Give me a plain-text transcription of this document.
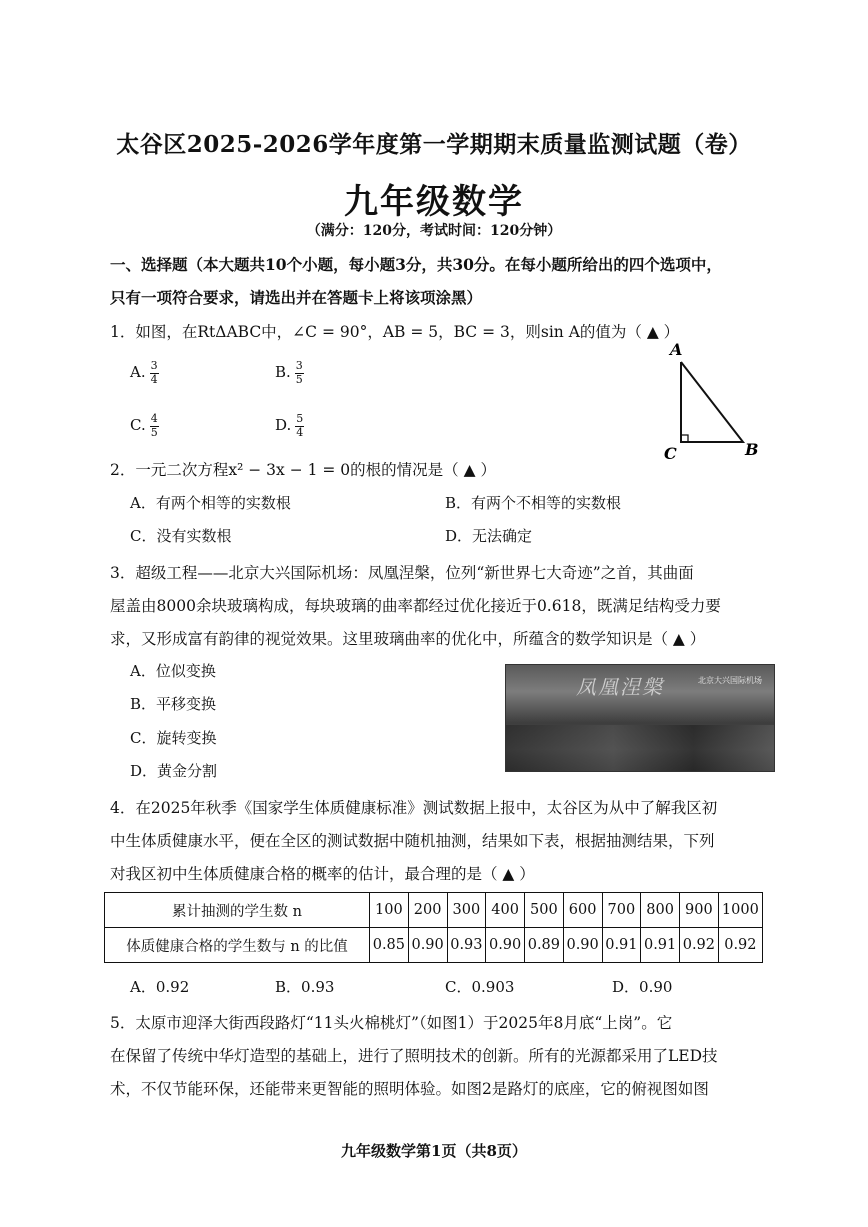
太谷区2025-2026学年度第一学期期末质量监测试题（卷）
九年级数学
（满分：120分，考试时间：120分钟）
一、选择题（本大题共10个小题，每小题3分，共30分。在每小题所给出的四个选项中，
只有一项符合要求，请选出并在答题卡上将该项涂黑）
1．如图，在RtΔABC中，∠C = 90°，AB = 5，BC = 3，则sin A的值为（ ▲ ）
A. $\frac{3}{4}$	B. $\frac{3}{5}$
C. $\frac{4}{5}$	D. $\frac{5}{4}$
A
C	B
2．一元二次方程x² − 3x − 1 = 0的根的情况是（ ▲ ）
A．有两个相等的实数根	B．有两个不相等的实数根
C．没有实数根	D．无法确定
3．超级工程——北京大兴国际机场：凤凰涅槃，位列“新世界七大奇迹”之首，其曲面
屋盖由8000余块玻璃构成，每块玻璃的曲率都经过优化接近于0.618，既满足结构受力要
求，又形成富有韵律的视觉效果。这里玻璃曲率的优化中，所蕴含的数学知识是（ ▲ ）
A．位似变换
B．平移变换
C．旋转变换
D．黄金分割
凤凰涅槃	北京大兴国际机场
4．在2025年秋季《国家学生体质健康标准》测试数据上报中，太谷区为从中了解我区初
中生体质健康水平，便在全区的测试数据中随机抽测，结果如下表，根据抽测结果，下列
对我区初中生体质健康合格的概率的估计，最合理的是（ ▲ ）
累计抽测的学生数 n	100	200	300	400	500	600	700	800	900	1000
体质健康合格的学生数与 n 的比值	0.85	0.90	0.93	0.90	0.89	0.90	0.91	0.91	0.92	0.92
A．0.92	B．0.93	C．0.903	D．0.90
5．太原市迎泽大街西段路灯“11头火棉桃灯”（如图1）于2025年8月底“上岗”。它
在保留了传统中华灯造型的基础上，进行了照明技术的创新。所有的光源都采用了LED技
术，不仅节能环保，还能带来更智能的照明体验。如图2是路灯的底座，它的俯视图如图
九年级数学第1页（共8页）
